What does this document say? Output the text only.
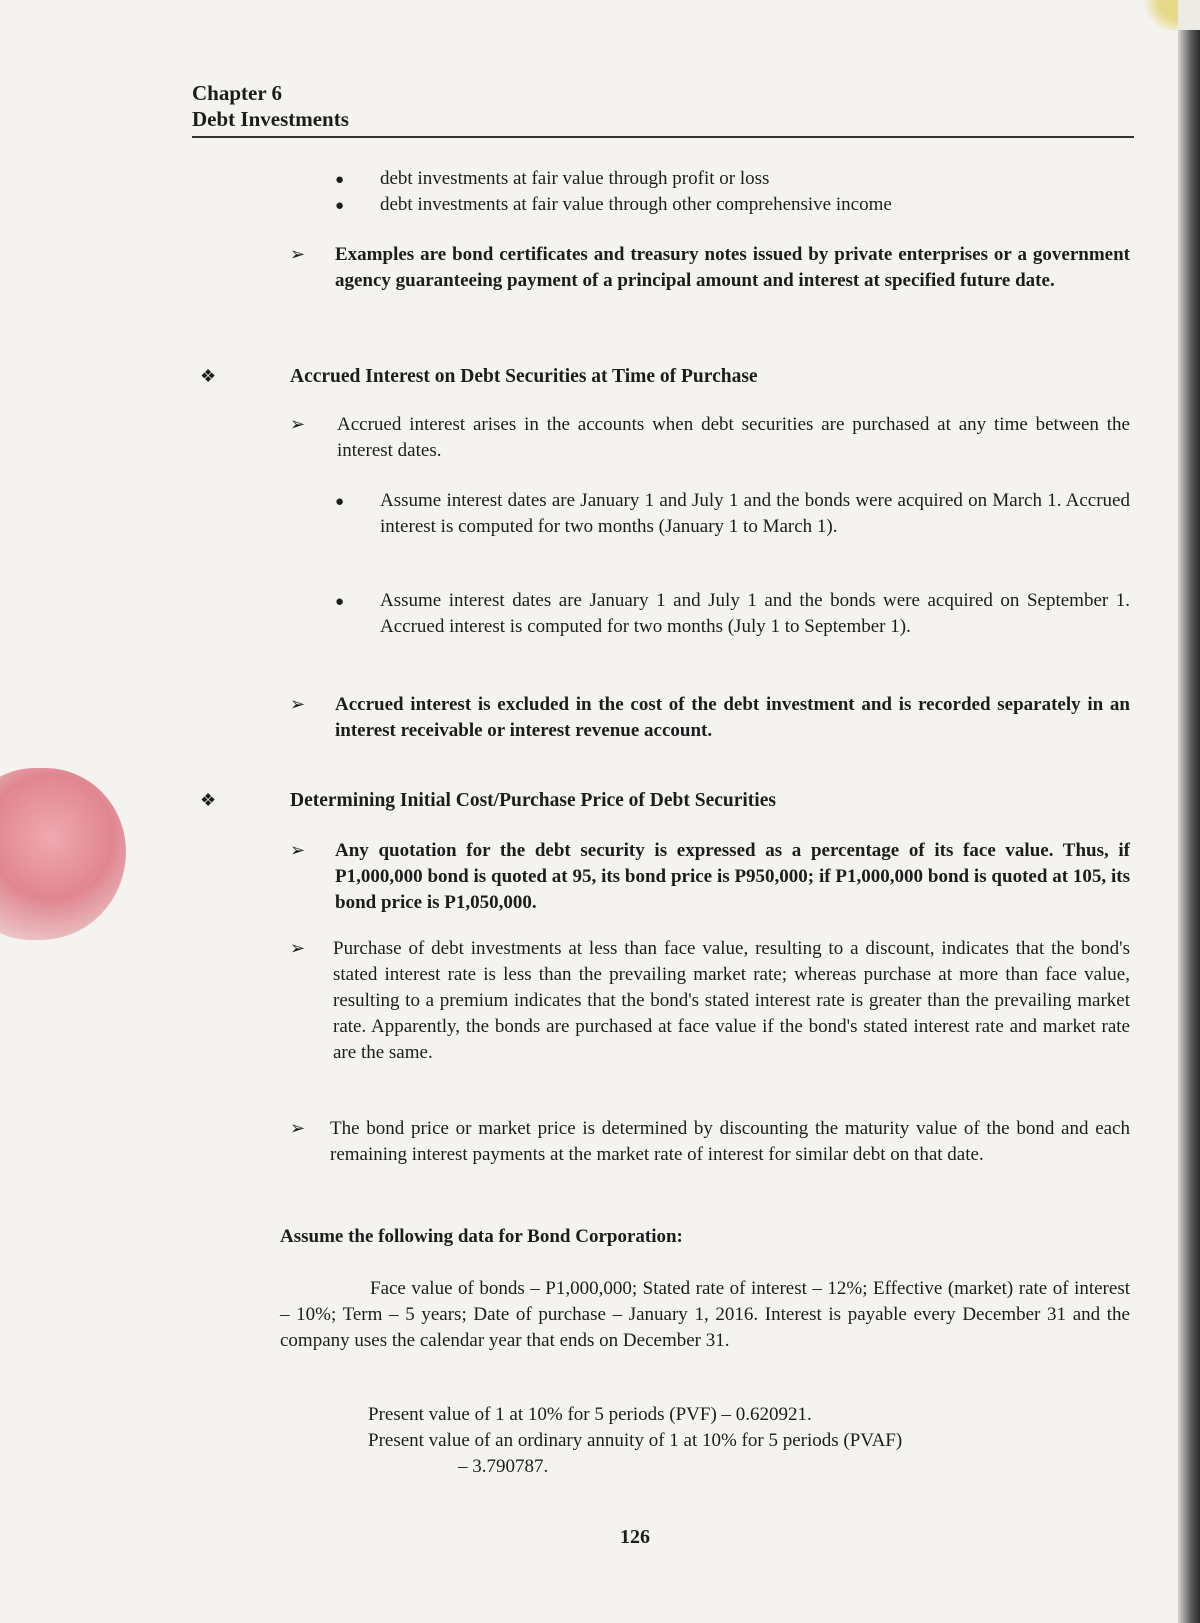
Chapter 6
Debt Investments
● debt investments at fair value through profit or loss
● debt investments at fair value through other comprehensive income
➢ Examples are bond certificates and treasury notes issued by private enterprises or a government agency guaranteeing payment of a principal amount and interest at specified future date.
❖	Accrued Interest on Debt Securities at Time of Purchase
➢ Accrued interest arises in the accounts when debt securities are purchased at any time between the interest dates.
● Assume interest dates are January 1 and July 1 and the bonds were acquired on March 1. Accrued interest is computed for two months (January 1 to March 1).
● Assume interest dates are January 1 and July 1 and the bonds were acquired on September 1. Accrued interest is computed for two months (July 1 to September 1).
➢ Accrued interest is excluded in the cost of the debt investment and is recorded separately in an interest receivable or interest revenue account.
❖	Determining Initial Cost/Purchase Price of Debt Securities
➢ Any quotation for the debt security is expressed as a percentage of its face value. Thus, if P1,000,000 bond is quoted at 95, its bond price is P950,000; if P1,000,000 bond is quoted at 105, its bond price is P1,050,000.
➢ Purchase of debt investments at less than face value, resulting to a discount, indicates that the bond's stated interest rate is less than the prevailing market rate; whereas purchase at more than face value, resulting to a premium indicates that the bond's stated interest rate is greater than the prevailing market rate. Apparently, the bonds are purchased at face value if the bond's stated interest rate and market rate are the same.
➢ The bond price or market price is determined by discounting the maturity value of the bond and each remaining interest payments at the market rate of interest for similar debt on that date.
Assume the following data for Bond Corporation:
Face value of bonds – P1,000,000; Stated rate of interest – 12%; Effective (market) rate of interest – 10%; Term – 5 years; Date of purchase – January 1, 2016. Interest is payable every December 31 and the company uses the calendar year that ends on December 31.
Present value of 1 at 10% for 5 periods (PVF) – 0.620921.
Present value of an ordinary annuity of 1 at 10% for 5 periods (PVAF)
– 3.790787.
126
